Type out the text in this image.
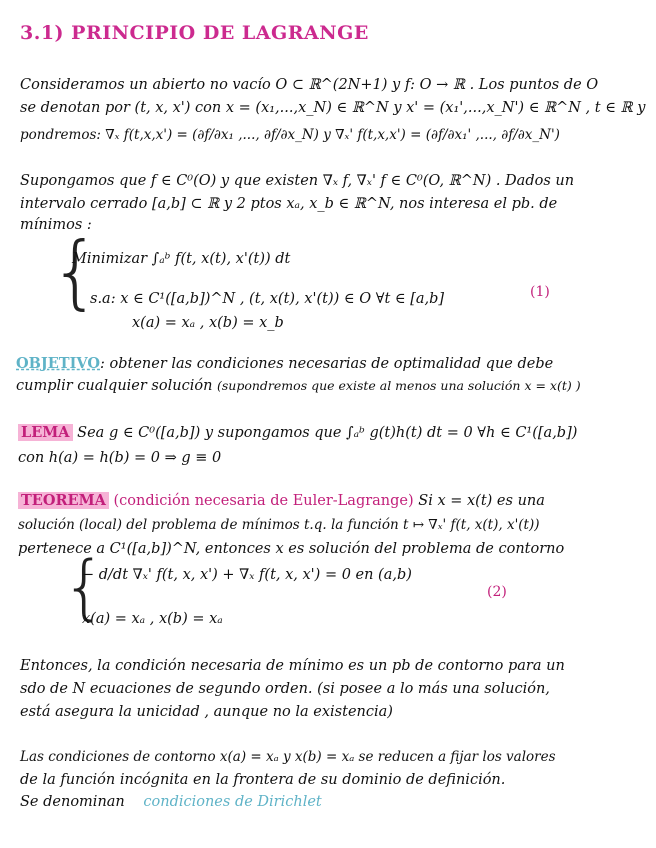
3.1) PRINCIPIO DE LAGRANGE
Consideramos un abierto no vacío O ⊂ ℝ^(2N+1) y f: O → ℝ . Los puntos de O
se denotan por (t, x, x') con x = (x₁,...,x_N) ∈ ℝ^N y x' = (x₁',...,x_N') ∈ ℝ^N , t ∈ ℝ y
pondremos: ∇ₓ f(t,x,x') = (∂f/∂x₁ ,..., ∂f/∂x_N) y ∇ₓ' f(t,x,x') = (∂f/∂x₁' ,..., ∂f/∂x_N')
Supongamos que f ∈ C⁰(O) y que existen ∇ₓ f, ∇ₓ' f ∈ C⁰(O, ℝ^N) . Dados un
intervalo cerrado [a,b] ⊂ ℝ y 2 ptos xₐ, x_b ∈ ℝ^N, nos interesa el pb. de
mínimos :
{
Minimizar ∫ₐᵇ f(t, x(t), x'(t)) dt
s.a: x ∈ C¹([a,b])^N , (t, x(t), x'(t)) ∈ O ∀t ∈ [a,b]
x(a) = xₐ , x(b) = x_b
(1)
OBJETIVO: obtener las condiciones necesarias de optimalidad que debe
cumplir cualquier solución (supondremos que existe al menos una solución x = x(t) )
LEMA Sea g ∈ C⁰([a,b]) y supongamos que ∫ₐᵇ g(t)h(t) dt = 0 ∀h ∈ C¹([a,b])
con h(a) = h(b) = 0 ⇒ g ≡ 0
TEOREMA (condición necesaria de Euler-Lagrange) Si x = x(t) es una
solución (local) del problema de mínimos t.q. la función t ↦ ∇ₓ' f(t, x(t), x'(t))
pertenece a C¹([a,b])^N, entonces x es solución del problema de contorno
{
− d/dt ∇ₓ' f(t, x, x') + ∇ₓ f(t, x, x') = 0 en (a,b)
x(a) = xₐ , x(b) = xₐ
(2)
Entonces, la condición necesaria de mínimo es un pb de contorno para un
sdo de N ecuaciones de segundo orden. (si posee a lo más una solución,
está asegura la unicidad , aunque no la existencia)
Las condiciones de contorno x(a) = xₐ y x(b) = xₐ se reducen a fijar los valores
de la función incógnita en la frontera de su dominio de definición.
Se denominan condiciones de Dirichlet
